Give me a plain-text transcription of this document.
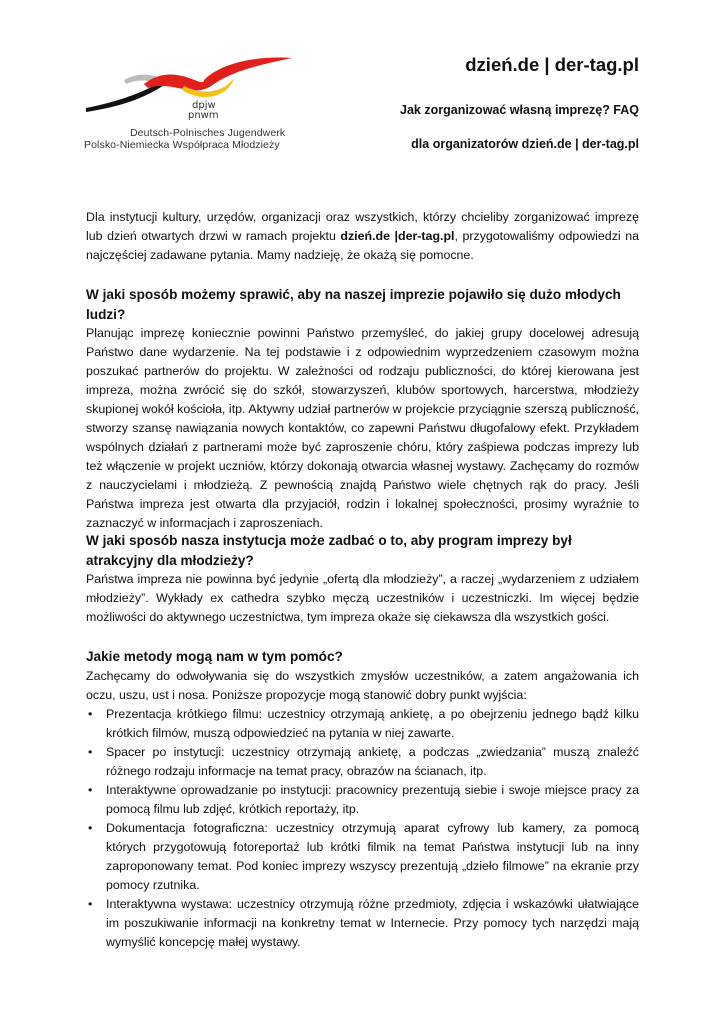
dpjw
pnwm
Deutsch-Polnisches Jugendwerk
Polsko-Niemiecka Współpraca Młodzieży
dzień.de | der-tag.pl
Jak zorganizować własną imprezę? FAQ
dla organizatorów dzień.de | der-tag.pl
Dla instytucji kultury, urzędów, organizacji oraz wszystkich, którzy chcieliby zorganizować imprezę lub dzień otwartych drzwi w ramach projektu dzień.de |der-tag.pl, przygotowaliśmy odpowiedzi na najczęściej zadawane pytania. Mamy nadzieję, że okażą się pomocne.

W jaki sposób możemy sprawić, aby na naszej imprezie pojawiło się dużo młodych ludzi?

Planując imprezę koniecznie powinni Państwo przemyśleć, do jakiej grupy docelowej adresują Państwo dane wydarzenie. Na tej podstawie i z odpowiednim wyprzedzeniem czasowym można poszukać partnerów do projektu. W zależności od rodzaju publiczności, do której kierowana jest impreza, można zwrócić się do szkół, stowarzyszeń, klubów sportowych, harcerstwa, młodzieży skupionej wokół kościoła, itp. Aktywny udział partnerów w projekcie przyciągnie szerszą publiczność, stworzy szansę nawiązania nowych kontaktów, co zapewni Państwu długofalowy efekt. Przykładem wspólnych działań z partnerami może być zaproszenie chóru, który zaśpiewa podczas imprezy lub też włączenie w projekt uczniów, którzy dokonają otwarcia własnej wystawy. Zachęcamy do rozmów z nauczycielami i młodzieżą. Z pewnością znajdą Państwo wiele chętnych rąk do pracy. Jeśli Państwa impreza jest otwarta dla przyjaciół, rodzin i lokalnej społeczności, prosimy wyraźnie to zaznaczyć w informacjach i zaproszeniach.

W jaki sposób nasza instytucja może zadbać o to, aby program imprezy był atrakcyjny dla młodzieży?

Państwa impreza nie powinna być jedynie „ofertą dla młodzieży”, a raczej „wydarzeniem z udziałem młodzieży”. Wykłady ex cathedra szybko męczą uczestników i uczestniczki. Im więcej będzie możliwości do aktywnego uczestnictwa, tym impreza okaże się ciekawsza dla wszystkich gości.

Jakie metody mogą nam w tym pomóc?

Zachęcamy do odwoływania się do wszystkich zmysłów uczestników, a zatem angażowania ich oczu, uszu, ust i nosa. Poniższe propozycje mogą stanowić dobry punkt wyjścia:

• Prezentacja krótkiego filmu: uczestnicy otrzymają ankietę, a po obejrzeniu jednego bądź kilku krótkich filmów, muszą odpowiedzieć na pytania w niej zawarte.
• Spacer po instytucji: uczestnicy otrzymają ankietę, a podczas „zwiedzania” muszą znaleźć różnego rodzaju informacje na temat pracy, obrazów na ścianach, itp.
• Interaktywne oprowadzanie po instytucji: pracownicy prezentują siebie i swoje miejsce pracy za pomocą filmu lub zdjęć, krótkich reportaży, itp.
• Dokumentacja fotograficzna: uczestnicy otrzymują aparat cyfrowy lub kamery, za pomocą których przygotowują fotoreportaż lub krótki filmik na temat Państwa instytucji lub na inny zaproponowany temat. Pod koniec imprezy wszyscy prezentują „dzieło filmowe” na ekranie przy pomocy rzutnika.
• Interaktywna wystawa: uczestnicy otrzymują różne przedmioty, zdjęcia i wskazówki ułatwiające im poszukiwanie informacji na konkretny temat w Internecie. Przy pomocy tych narzędzi mają wymyślić koncepcję małej wystawy.
